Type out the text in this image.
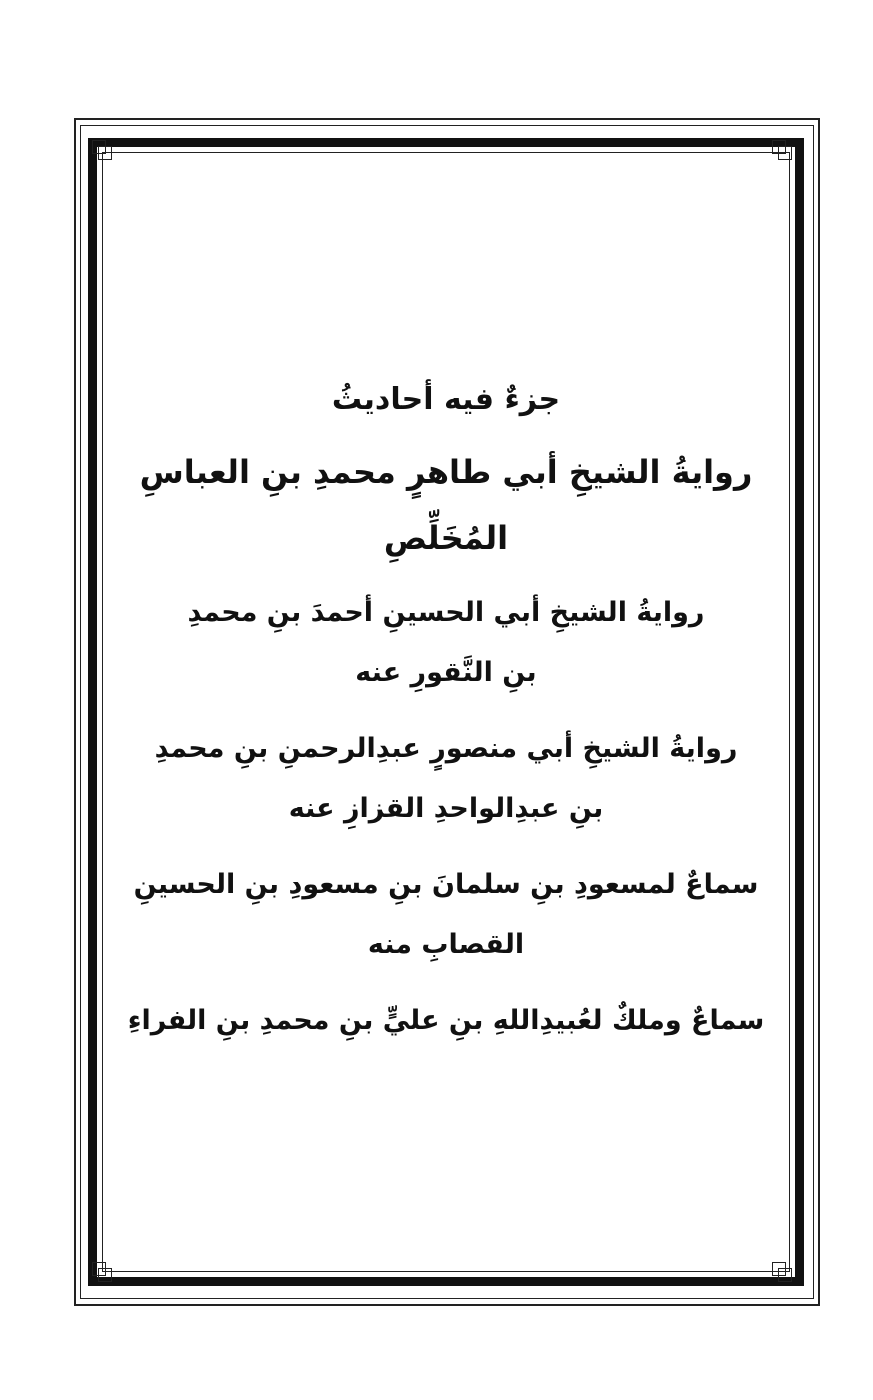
جزءٌ فيه أحاديثُ
روايةُ الشيخِ أبي طاهرٍ محمدِ بنِ العباسِ
المُخَلِّصِ
روايةُ الشيخِ أبي الحسينِ أحمدَ بنِ محمدِ
بنِ النَّقورِ عنه
روايةُ الشيخِ أبي منصورٍ عبدِالرحمنِ بنِ محمدِ
بنِ عبدِالواحدِ القزازِ عنه
سماعٌ لمسعودِ بنِ سلمانَ بنِ مسعودِ بنِ الحسينِ
القصابِ منه
سماعٌ وملكٌ لعُبيدِاللهِ بنِ عليٍّ بنِ محمدِ بنِ الفراءِ
